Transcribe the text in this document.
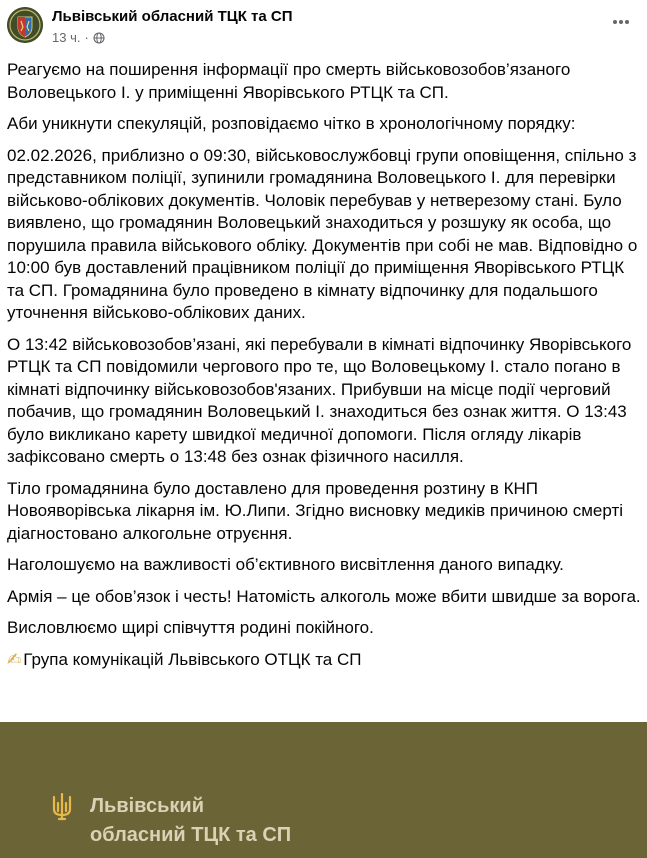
Львівський обласний ТЦК та СП
13 ч. ·

Реагуємо на поширення інформації про смерть військовозобов’язаного Воловецького І. у приміщенні Яворівського РТЦК та СП.

Аби уникнути спекуляцій, розповідаємо чітко в хронологічному порядку:

02.02.2026, приблизно о 09:30, військовослужбовці групи оповіщення, спільно з представником поліції, зупинили громадянина Воловецького І. для перевірки військово-облікових документів. Чоловік перебував у нетверезому стані. Було виявлено, що громадянин Воловецький знаходиться у розшуку як особа, що порушила правила військового обліку. Документів при собі не мав. Відповідно о 10:00 був доставлений працівником поліції до приміщення Яворівського РТЦК та СП. Громадянина було проведено в кімнату відпочинку для подальшого уточнення військово-облікових даних.

О 13:42 військовозобов’язані, які перебували в кімнаті відпочинку Яворівського РТЦК та СП повідомили чергового про те, що Воловецькому І. стало погано в кімнаті відпочинку військовозобов'язаних. Прибувши на місце події черговий побачив, що громадянин Воловецький І. знаходиться без ознак життя. О 13:43 було викликано карету швидкої медичної допомоги. Після огляду лікарів зафіксовано смерть о 13:48 без ознак фізичного насилля.

Тіло громадянина було доставлено для проведення розтину в КНП Новояворівська лікарня ім. Ю.Липи. Згідно висновку медиків причиною смерті діагностовано алкогольне отруєння.

Наголошуємо на важливості об’єктивного висвітлення даного випадку.

Армія – це обов’язок і честь! Натомість алкоголь може вбити швидше за ворога.

Висловлюємо щирі співчуття родині покійного.

✍ Група комунікацій Львівського ОТЦК та СП

Львівський
обласний ТЦК та СП
